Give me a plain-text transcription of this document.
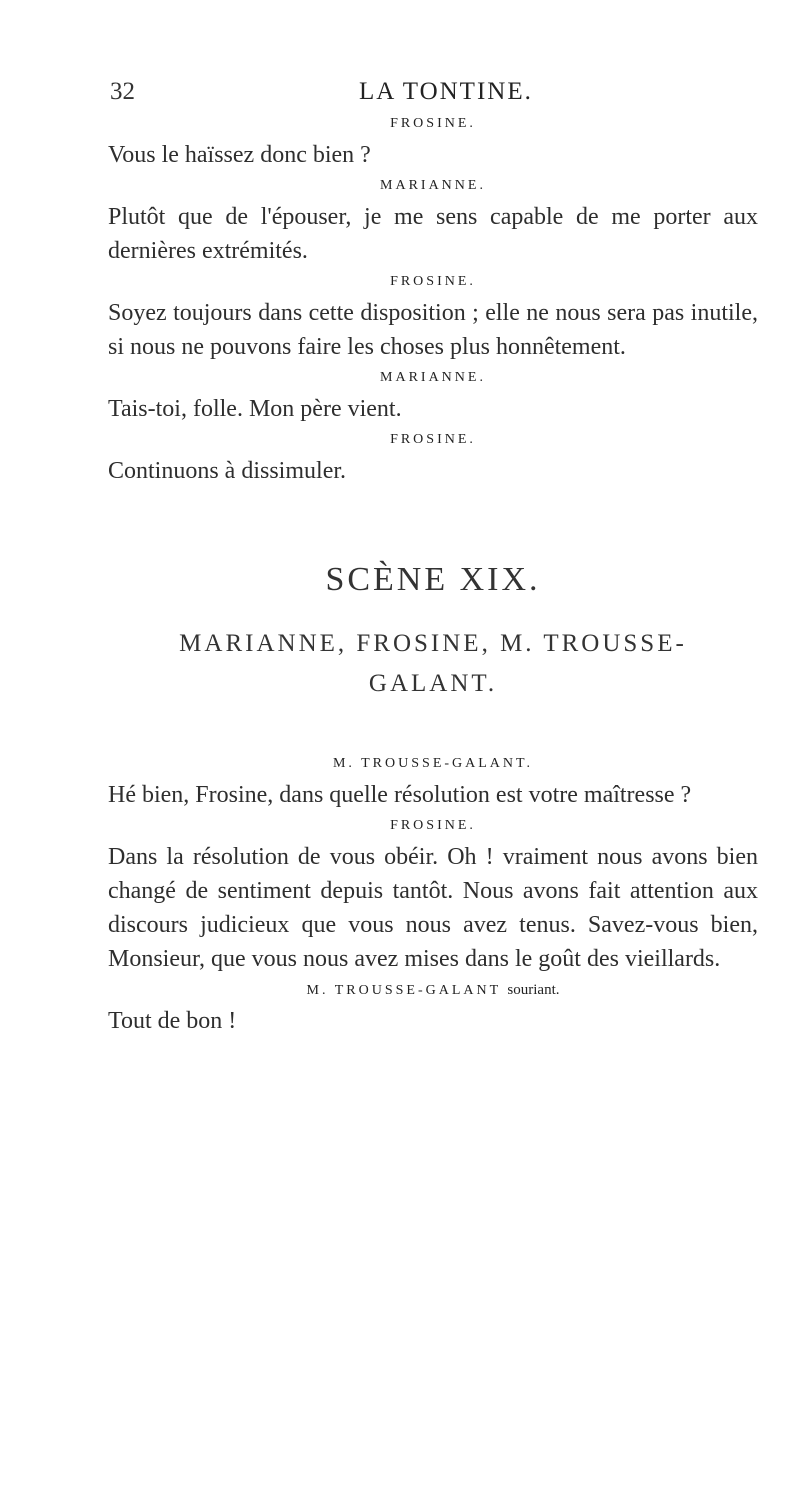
32	LA TONTINE.

FROSINE.

Vous le haïssez donc bien ?

MARIANNE.

Plutôt que de l'épouser, je me sens capable de me porter aux dernières extrémités.

FROSINE.

Soyez toujours dans cette disposition ; elle ne nous sera pas inutile, si nous ne pouvons faire les choses plus honnêtement.

MARIANNE.

Tais-toi, folle. Mon père vient.

FROSINE.

Continuons à dissimuler.

SCÈNE XIX.

MARIANNE, FROSINE, M. TROUSSE-
GALANT.

M. TROUSSE-GALANT.

Hé bien, Frosine, dans quelle résolution est votre maîtresse ?

FROSINE.

Dans la résolution de vous obéir. Oh ! vraiment nous avons bien changé de sentiment depuis tantôt. Nous avons fait attention aux discours judicieux que vous nous avez tenus. Savez-vous bien, Monsieur, que vous nous avez mises dans le goût des vieillards.

M. TROUSSE-GALANT souriant.

Tout de bon !
